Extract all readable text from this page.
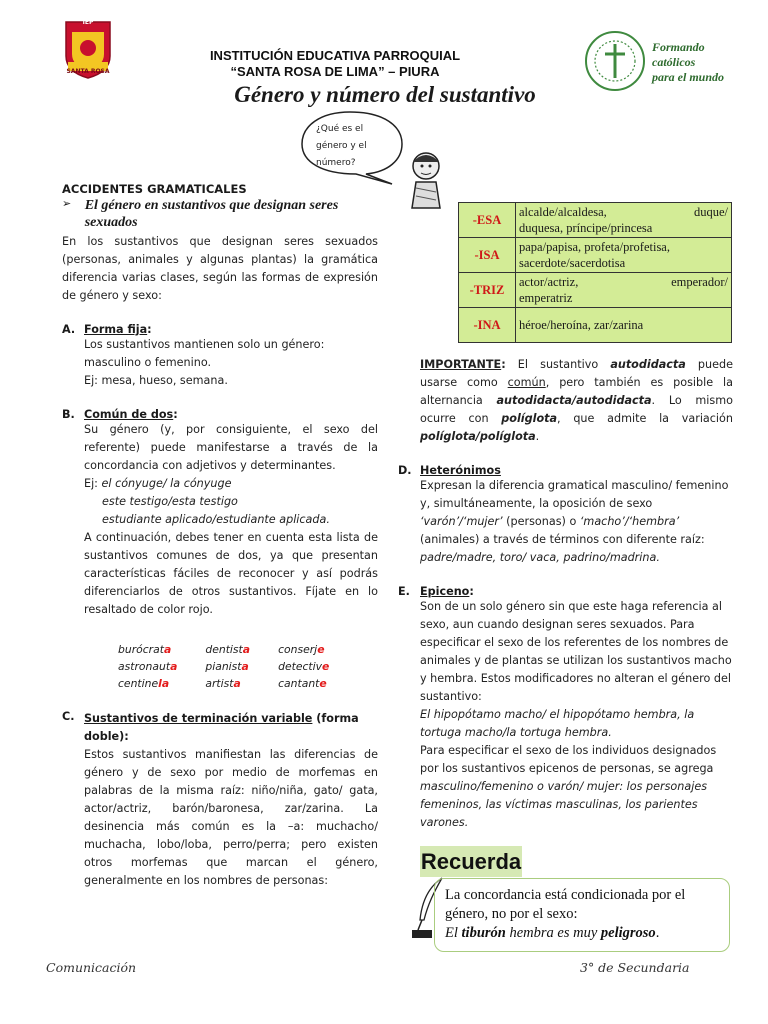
IEP
SANTA ROSA
INSTITUCIÓN EDUCATIVA PARROQUIAL
“SANTA ROSA DE LIMA” – PIURA
Género y número del sustantivo
Formando
católicos
para el mundo
¿Qué es el
género y el
número?
ACCIDENTES GRAMATICALES
➢ El género en sustantivos que designan seres sexuados
En los sustantivos que designan seres sexuados (personas, animales y algunas plantas) la gramática diferencia varias clases, según las formas de expresión de género y sexo:
A. Forma fija:
Los sustantivos mantienen solo un género:
masculino o femenino.
Ej: mesa, hueso, semana.
B. Común de dos:
Su género (y, por consiguiente, el sexo del referente) puede manifestarse a través de la concordancia con adjetivos y determinantes.
Ej: el cónyuge/ la cónyuge
este testigo/esta testigo
estudiante aplicado/estudiante aplicada.
A continuación, debes tener en cuenta esta lista de sustantivos comunes de dos, ya que presentan características fáciles de reconocer y así podrás diferenciarlos de otros sustantivos. Fíjate en lo resaltado de color rojo.
burócrata	dentista	conserje
astronauta	pianista	detective
centinela	artista	cantante
C. Sustantivos de terminación variable (forma doble):
Estos sustantivos manifiestan las diferencias de género y de sexo por medio de morfemas en palabras de la misma raíz: niño/niña, gato/ gata, actor/actriz, barón/baronesa, zar/zarina. La desinencia más común es la –a: muchacho/ muchacha, lobo/loba, perro/perra; pero existen otros morfemas que marcan el género, generalmente en los nombres de personas:
-ESA	alcalde/alcaldesa, duque/
duquesa, príncipe/princesa

-ISA	papa/papisa, profeta/profetisa,
sacerdote/sacerdotisa

-TRIZ	actor/actriz, emperador/
emperatriz

-INA	héroe/heroína, zar/zarina
IMPORTANTE: El sustantivo autodidacta puede usarse como común, pero también es posible la alternancia autodidacta/autodidacta. Lo mismo ocurre con políglota, que admite la variación políglota/políglota.
D. Heterónimos
Expresan la diferencia gramatical masculino/ femenino y, simultáneamente, la oposición de sexo ‘varón’/‘mujer’ (personas) o ‘macho’/‘hembra’ (animales) a través de términos con diferente raíz: padre/madre, toro/ vaca, padrino/madrina.
E. Epiceno:
Son de un solo género sin que este haga referencia al sexo, aun cuando designan seres sexuados. Para especificar el sexo de los referentes de los nombres de animales y de plantas se utilizan los sustantivos macho y hembra. Estos modificadores no alteran el género del sustantivo:
El hipopótamo macho/ el hipopótamo hembra, la tortuga macho/la tortuga hembra.
Para especificar el sexo de los individuos designados por los sustantivos epicenos de personas, se agrega masculino/femenino o varón/ mujer: los personajes femeninos, las víctimas masculinas, los parientes varones.
Recuerda
La concordancia está condicionada por el género, no por el sexo:
El tiburón hembra es muy peligroso.
Comunicación	3° de Secundaria
